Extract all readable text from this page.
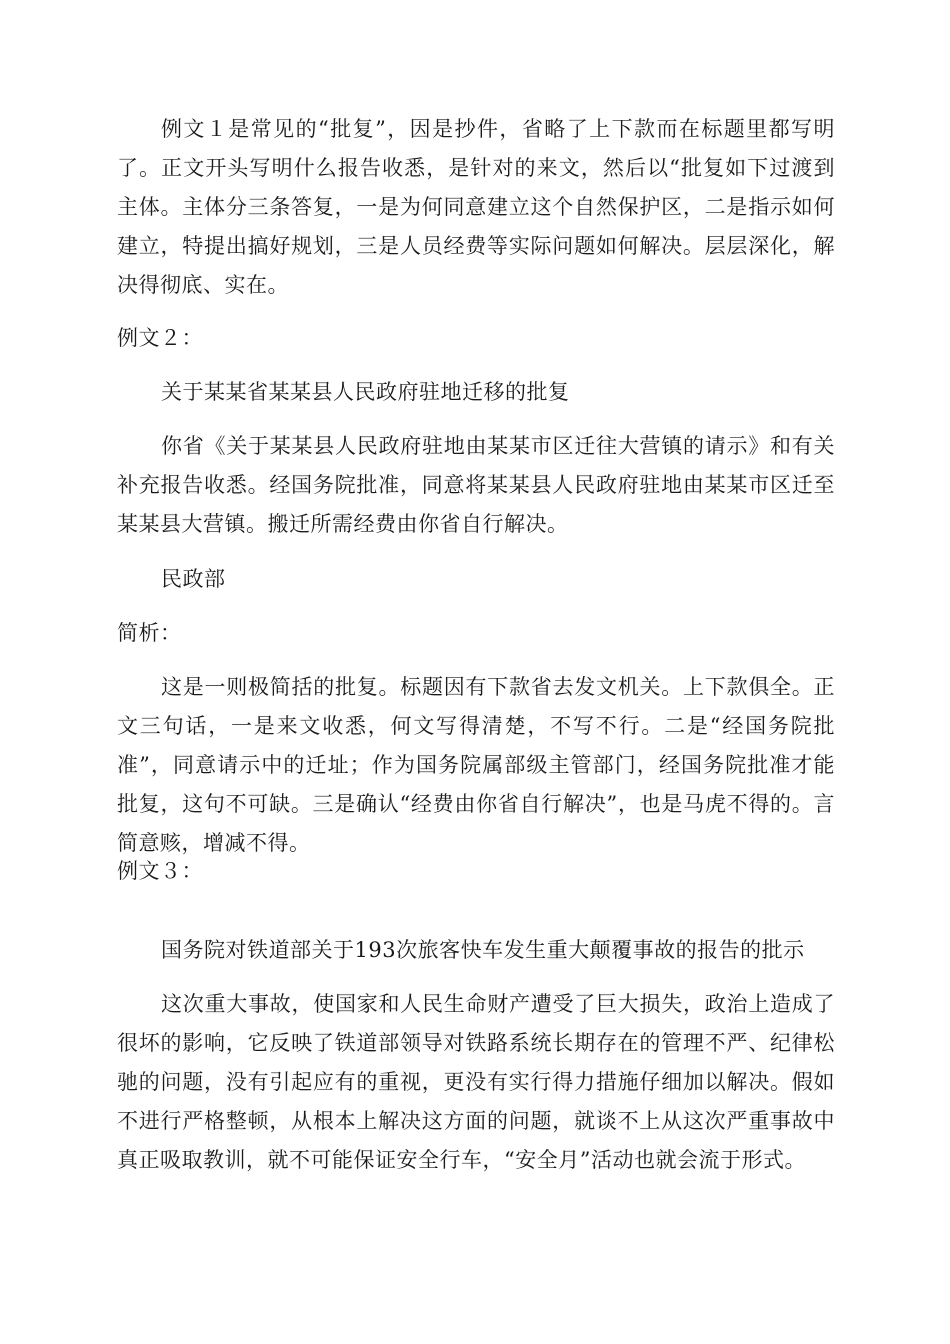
例文１是常见的“批复”，因是抄件，省略了上下款而在标题里都写明了。正文开头写明什么报告收悉，是针对的来文，然后以“批复如下过渡到主体。主体分三条答复，一是为何同意建立这个自然保护区，二是指示如何建立，特提出搞好规划，三是人员经费等实际问题如何解决。层层深化，解决得彻底、实在。

例文２：

关于某某省某某县人民政府驻地迁移的批复

你省《关于某某县人民政府驻地由某某市区迁往大营镇的请示》和有关补充报告收悉。经国务院批准，同意将某某县人民政府驻地由某某市区迁至某某县大营镇。搬迁所需经费由你省自行解决。

民政部

简析：

这是一则极简括的批复。标题因有下款省去发文机关。上下款俱全。正文三句话，一是来文收悉，何文写得清楚，不写不行。二是“经国务院批准”，同意请示中的迁址；作为国务院属部级主管部门，经国务院批准才能批复，这句不可缺。三是确认“经费由你省自行解决”，也是马虎不得的。言简意赅，增减不得。

例文３：

国务院对铁道部关于193次旅客快车发生重大颠覆事故的报告的批示

这次重大事故，使国家和人民生命财产遭受了巨大损失，政治上造成了很坏的影响，它反映了铁道部领导对铁路系统长期存在的管理不严、纪律松驰的问题，没有引起应有的重视，更没有实行得力措施仔细加以解决。假如不进行严格整顿，从根本上解决这方面的问题，就谈不上从这次严重事故中真正吸取教训，就不可能保证安全行车，“安全月”活动也就会流于形式。
